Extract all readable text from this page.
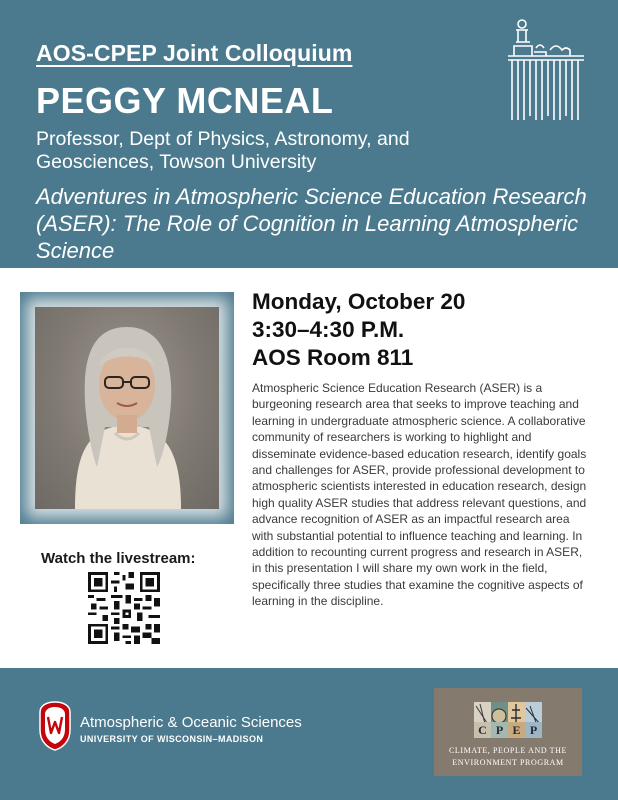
AOS-CPEP Joint Colloquium
PEGGY MCNEAL
Professor, Dept of Physics, Astronomy, and Geosciences, Towson University
Adventures in Atmospheric Science Education Research (ASER): The Role of Cognition in Learning Atmospheric Science
Watch the livestream:
Monday, October 20
3:30–4:30 P.M.
AOS Room 811
Atmospheric Science Education Research (ASER) is a burgeoning research area that seeks to improve teaching and learning in undergraduate atmospheric science. A collaborative community of researchers is working to highlight and disseminate evidence-based education research, identify goals and challenges for ASER, provide professional development to atmospheric scientists interested in education research, design high quality ASER studies that address relevant questions, and advance recognition of ASER as an impactful research area with substantial potential to influence teaching and learning. In addition to recounting current progress and research in ASER, in this presentation I will share my own work in the field, specifically three studies that examine the cognitive aspects of learning in the discipline.
Atmospheric & Oceanic Sciences
UNIVERSITY OF WISCONSIN–MADISON
C P E P
CLIMATE, PEOPLE AND THE
ENVIRONMENT PROGRAM
